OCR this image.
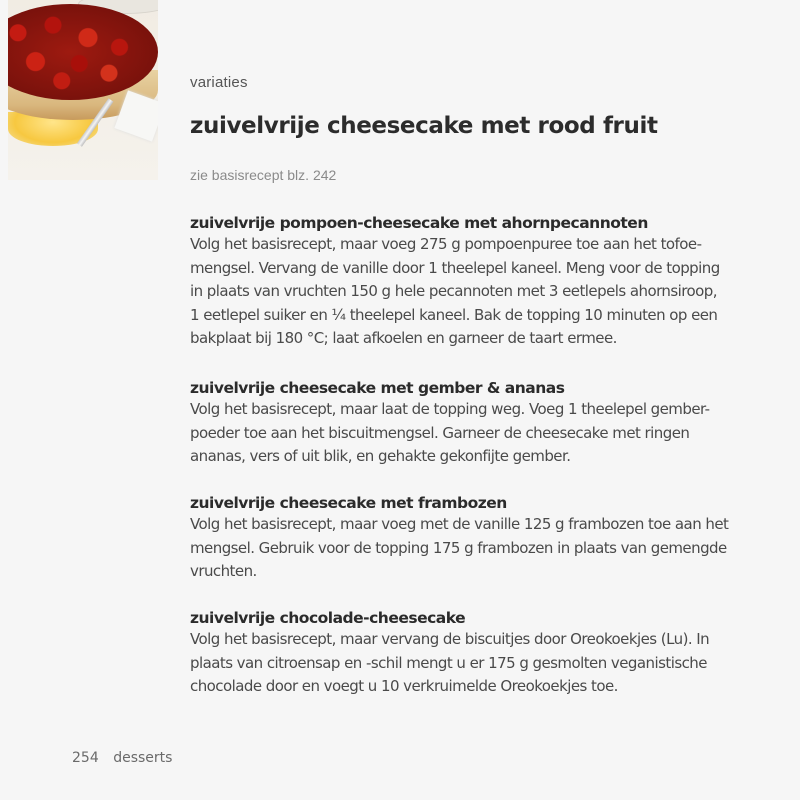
variaties
zuivelvrije cheesecake met rood fruit
zie basisrecept blz. 242
zuivelvrije pompoen-cheesecake met ahornpecannoten

Volg het basisrecept, maar voeg 275 g pompoenpuree toe aan het tofoe-
mengsel. Vervang de vanille door 1 theelepel kaneel. Meng voor de topping
in plaats van vruchten 150 g hele pecannoten met 3 eetlepels ahornsiroop,
1 eetlepel suiker en ¼ theelepel kaneel. Bak de topping 10 minuten op een
bakplaat bij 180 °C; laat afkoelen en garneer de taart ermee.

zuivelvrije cheesecake met gember & ananas

Volg het basisrecept, maar laat de topping weg. Voeg 1 theelepel gember-
poeder toe aan het biscuitmengsel. Garneer de cheesecake met ringen
ananas, vers of uit blik, en gehakte gekonfijte gember.

zuivelvrije cheesecake met frambozen

Volg het basisrecept, maar voeg met de vanille 125 g frambozen toe aan het
mengsel. Gebruik voor de topping 175 g frambozen in plaats van gemengde
vruchten.

zuivelvrije chocolade-cheesecake

Volg het basisrecept, maar vervang de biscuitjes door Oreokoekjes (Lu). In
plaats van citroensap en -schil mengt u er 175 g gesmolten veganistische
chocolade door en voegt u 10 verkruimelde Oreokoekjes toe.

254 desserts
